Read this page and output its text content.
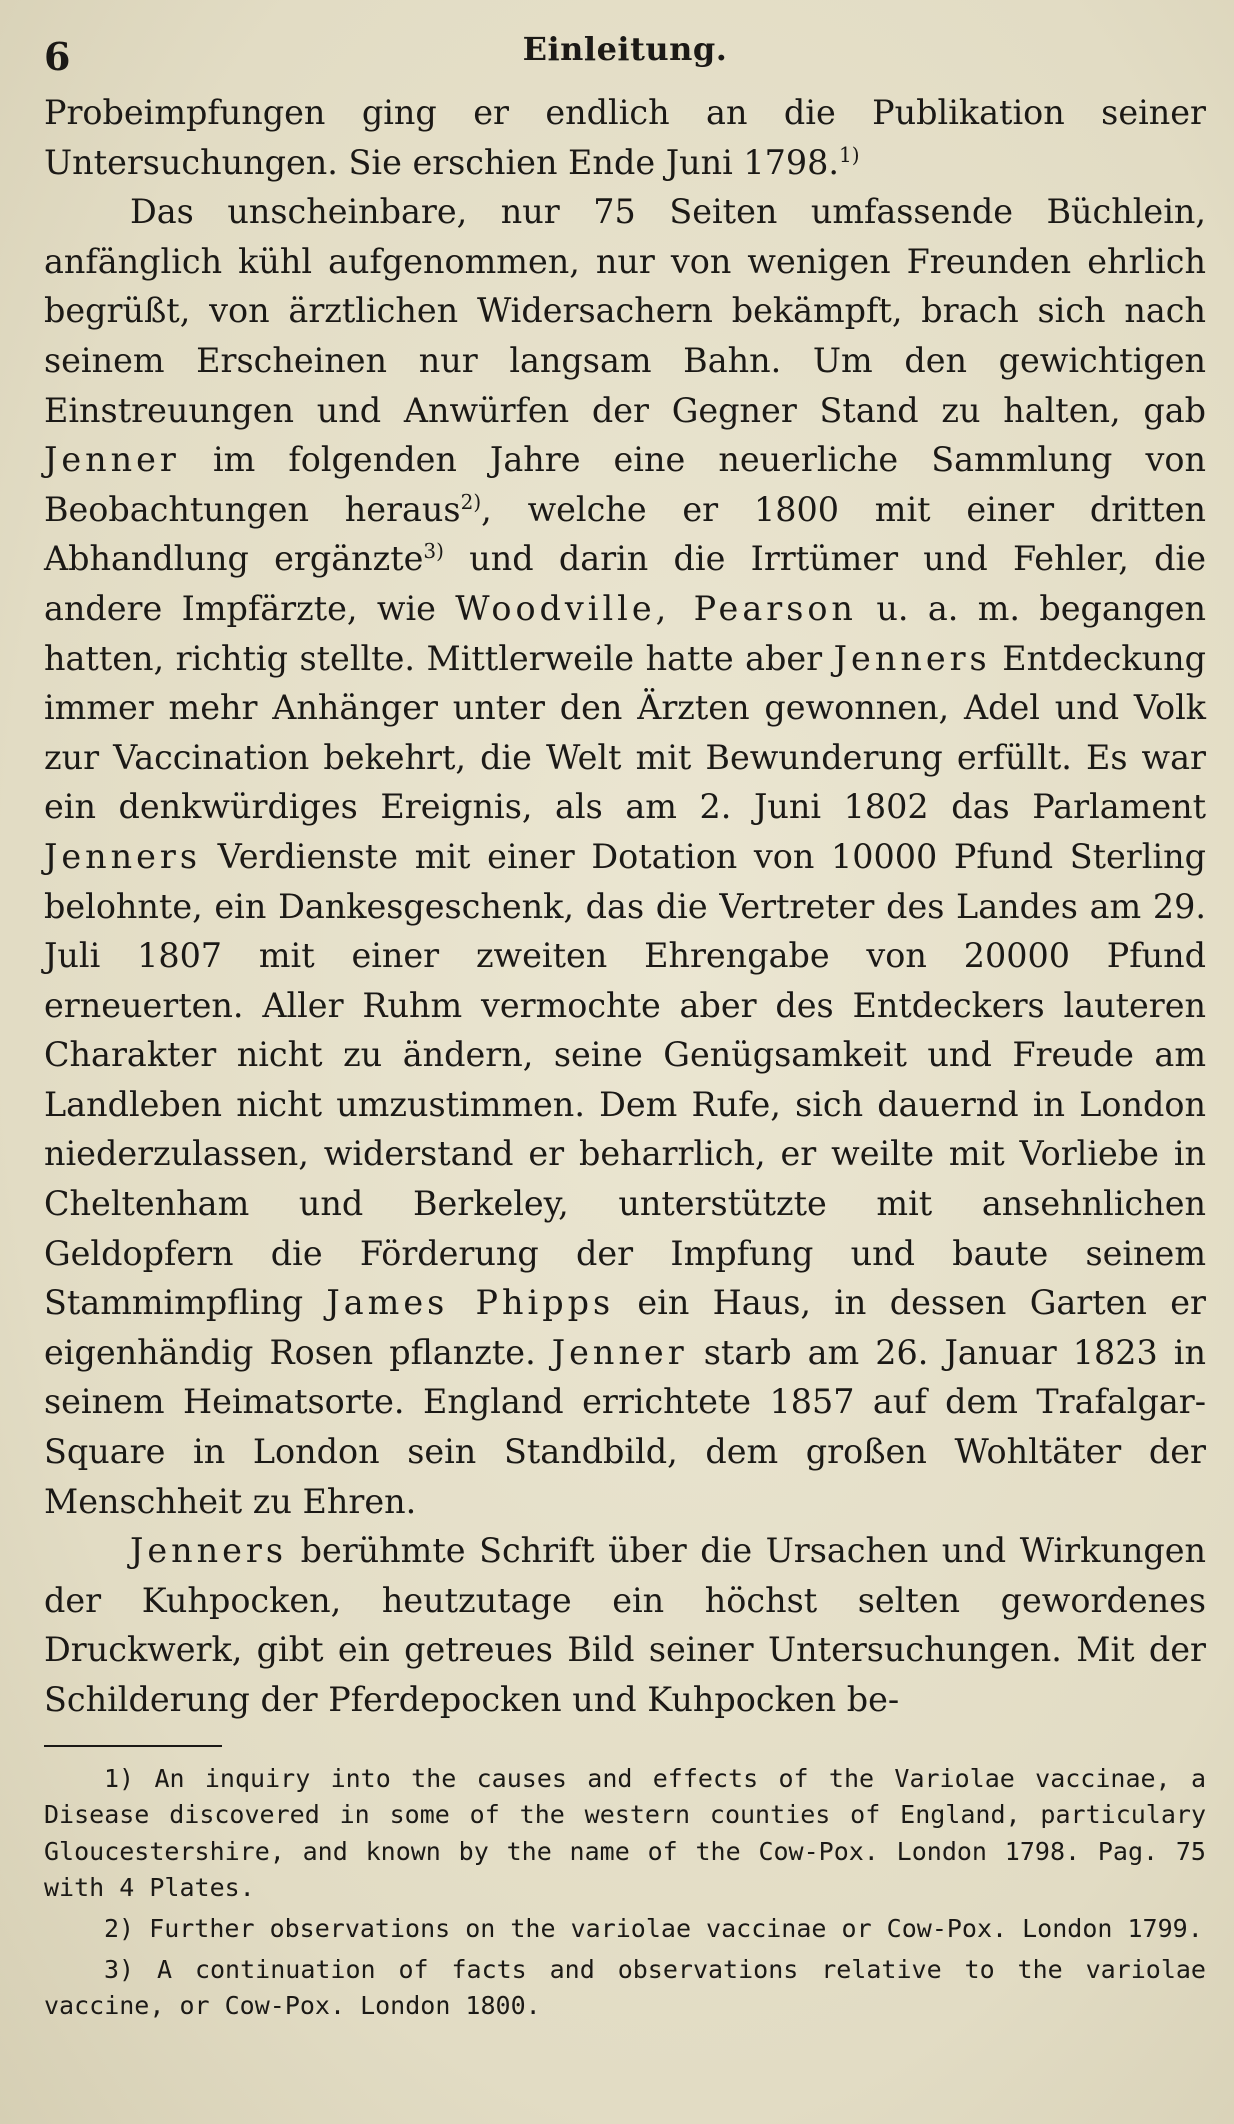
6	Einleitung.

Probeimpfungen ging er endlich an die Publikation seiner Untersuchungen. Sie erschien Ende Juni 1798.$^{1)}$

Das unscheinbare, nur 75 Seiten umfassende Büchlein, anfänglich kühl aufgenommen, nur von wenigen Freunden ehrlich begrüßt, von ärztlichen Widersachern bekämpft, brach sich nach seinem Erscheinen nur langsam Bahn. Um den gewichtigen Einstreuungen und Anwürfen der Gegner Stand zu halten, gab Jenner im folgenden Jahre eine neuerliche Sammlung von Beobachtungen heraus$^{2)}$, welche er 1800 mit einer dritten Abhandlung ergänzte$^{3)}$ und darin die Irrtümer und Fehler, die andere Impfärzte, wie Woodville, Pearson u. a. m. begangen hatten, richtig stellte. Mittlerweile hatte aber Jenners Entdeckung immer mehr Anhänger unter den Ärzten gewonnen, Adel und Volk zur Vaccination bekehrt, die Welt mit Bewunderung erfüllt. Es war ein denkwürdiges Ereignis, als am 2. Juni 1802 das Parlament Jenners Verdienste mit einer Dotation von 10000 Pfund Sterling belohnte, ein Dankesgeschenk, das die Vertreter des Landes am 29. Juli 1807 mit einer zweiten Ehrengabe von 20000 Pfund erneuerten. Aller Ruhm vermochte aber des Entdeckers lauteren Charakter nicht zu ändern, seine Genügsamkeit und Freude am Landleben nicht umzustimmen. Dem Rufe, sich dauernd in London niederzulassen, widerstand er beharrlich, er weilte mit Vorliebe in Cheltenham und Berkeley, unterstützte mit ansehnlichen Geldopfern die Förderung der Impfung und baute seinem Stammimpfling James Phipps ein Haus, in dessen Garten er eigenhändig Rosen pflanzte. Jenner starb am 26. Januar 1823 in seinem Heimatsorte. England errichtete 1857 auf dem Trafalgar-Square in London sein Standbild, dem großen Wohltäter der Menschheit zu Ehren.

Jenners berühmte Schrift über die Ursachen und Wirkungen der Kuhpocken, heutzutage ein höchst selten gewordenes Druckwerk, gibt ein getreues Bild seiner Untersuchungen. Mit der Schilderung der Pferdepocken und Kuhpocken be-

1) An inquiry into the causes and effects of the Variolae vaccinae, a Disease discovered in some of the western counties of England, particulary Gloucestershire, and known by the name of the Cow-Pox. London 1798. Pag. 75 with 4 Plates.

2) Further observations on the variolae vaccinae or Cow-Pox. London 1799.

3) A continuation of facts and observations relative to the variolae vaccine, or Cow-Pox. London 1800.
